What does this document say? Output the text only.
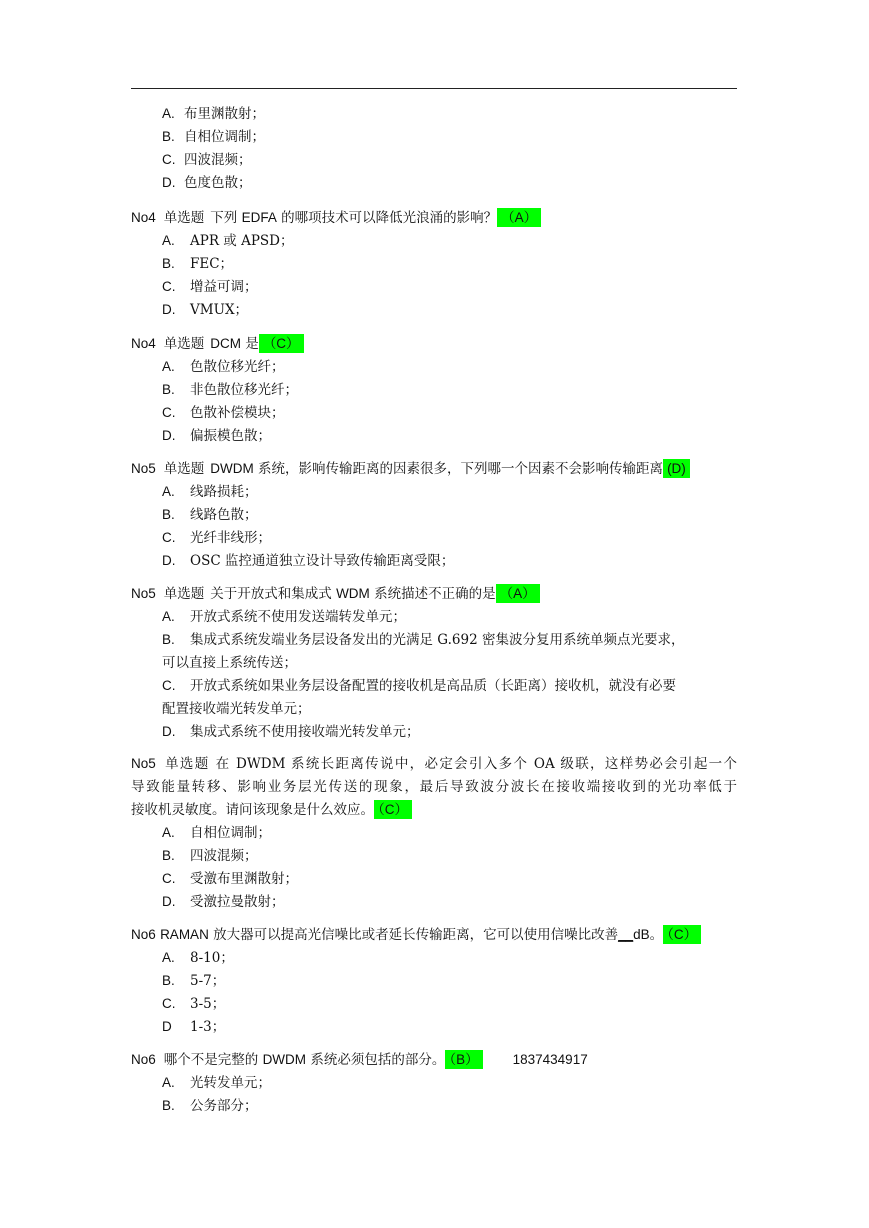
A. 布里渊散射；
B. 自相位调制；
C. 四波混频；
D. 色度色散；
No4 单选题 下列 EDFA 的哪项技术可以降低光浪涌的影响？ （A）
A. APR 或 APSD；
B. FEC；
C. 增益可调；
D. VMUX；
No4 单选题 DCM 是 （C）
A. 色散位移光纤；
B. 非色散位移光纤；
C. 色散补偿模块；
D. 偏振模色散；
No5 单选题 DWDM 系统，影响传输距离的因素很多，下列哪一个因素不会影响传输距离 (D)
A. 线路损耗；
B. 线路色散；
C. 光纤非线形；
D. OSC 监控通道独立设计导致传输距离受限；
No5 单选题 关于开放式和集成式 WDM 系统描述不正确的是 （A）
A. 开放式系统不使用发送端转发单元；
B. 集成式系统发端业务层设备发出的光满足 G.692 密集波分复用系统单频点光要求，
可以直接上系统传送；
C. 开放式系统如果业务层设备配置的接收机是高品质（长距离）接收机，就没有必要
配置接收端光转发单元；
D. 集成式系统不使用接收端光转发单元；
No5 单选题 在 DWDM 系统长距离传说中，必定会引入多个 OA 级联，这样势必会引起一个
导致能量转移、影响业务层光传送的现象，最后导致波分波长在接收端接收到的光功率低于
接收机灵敏度。请问该现象是什么效应。 （C）
A. 自相位调制；
B. 四波混频；
C. 受激布里渊散射；
D. 受激拉曼散射；
No6 RAMAN 放大器可以提高光信噪比或者延长传输距离，它可以使用信噪比改善__dB。 （C）
A. 8-10；
B. 5-7；
C. 3-5；
D 1-3；
No6 哪个不是完整的 DWDM 系统必须包括的部分。 （B）	1837434917
A. 光转发单元；
B. 公务部分；
